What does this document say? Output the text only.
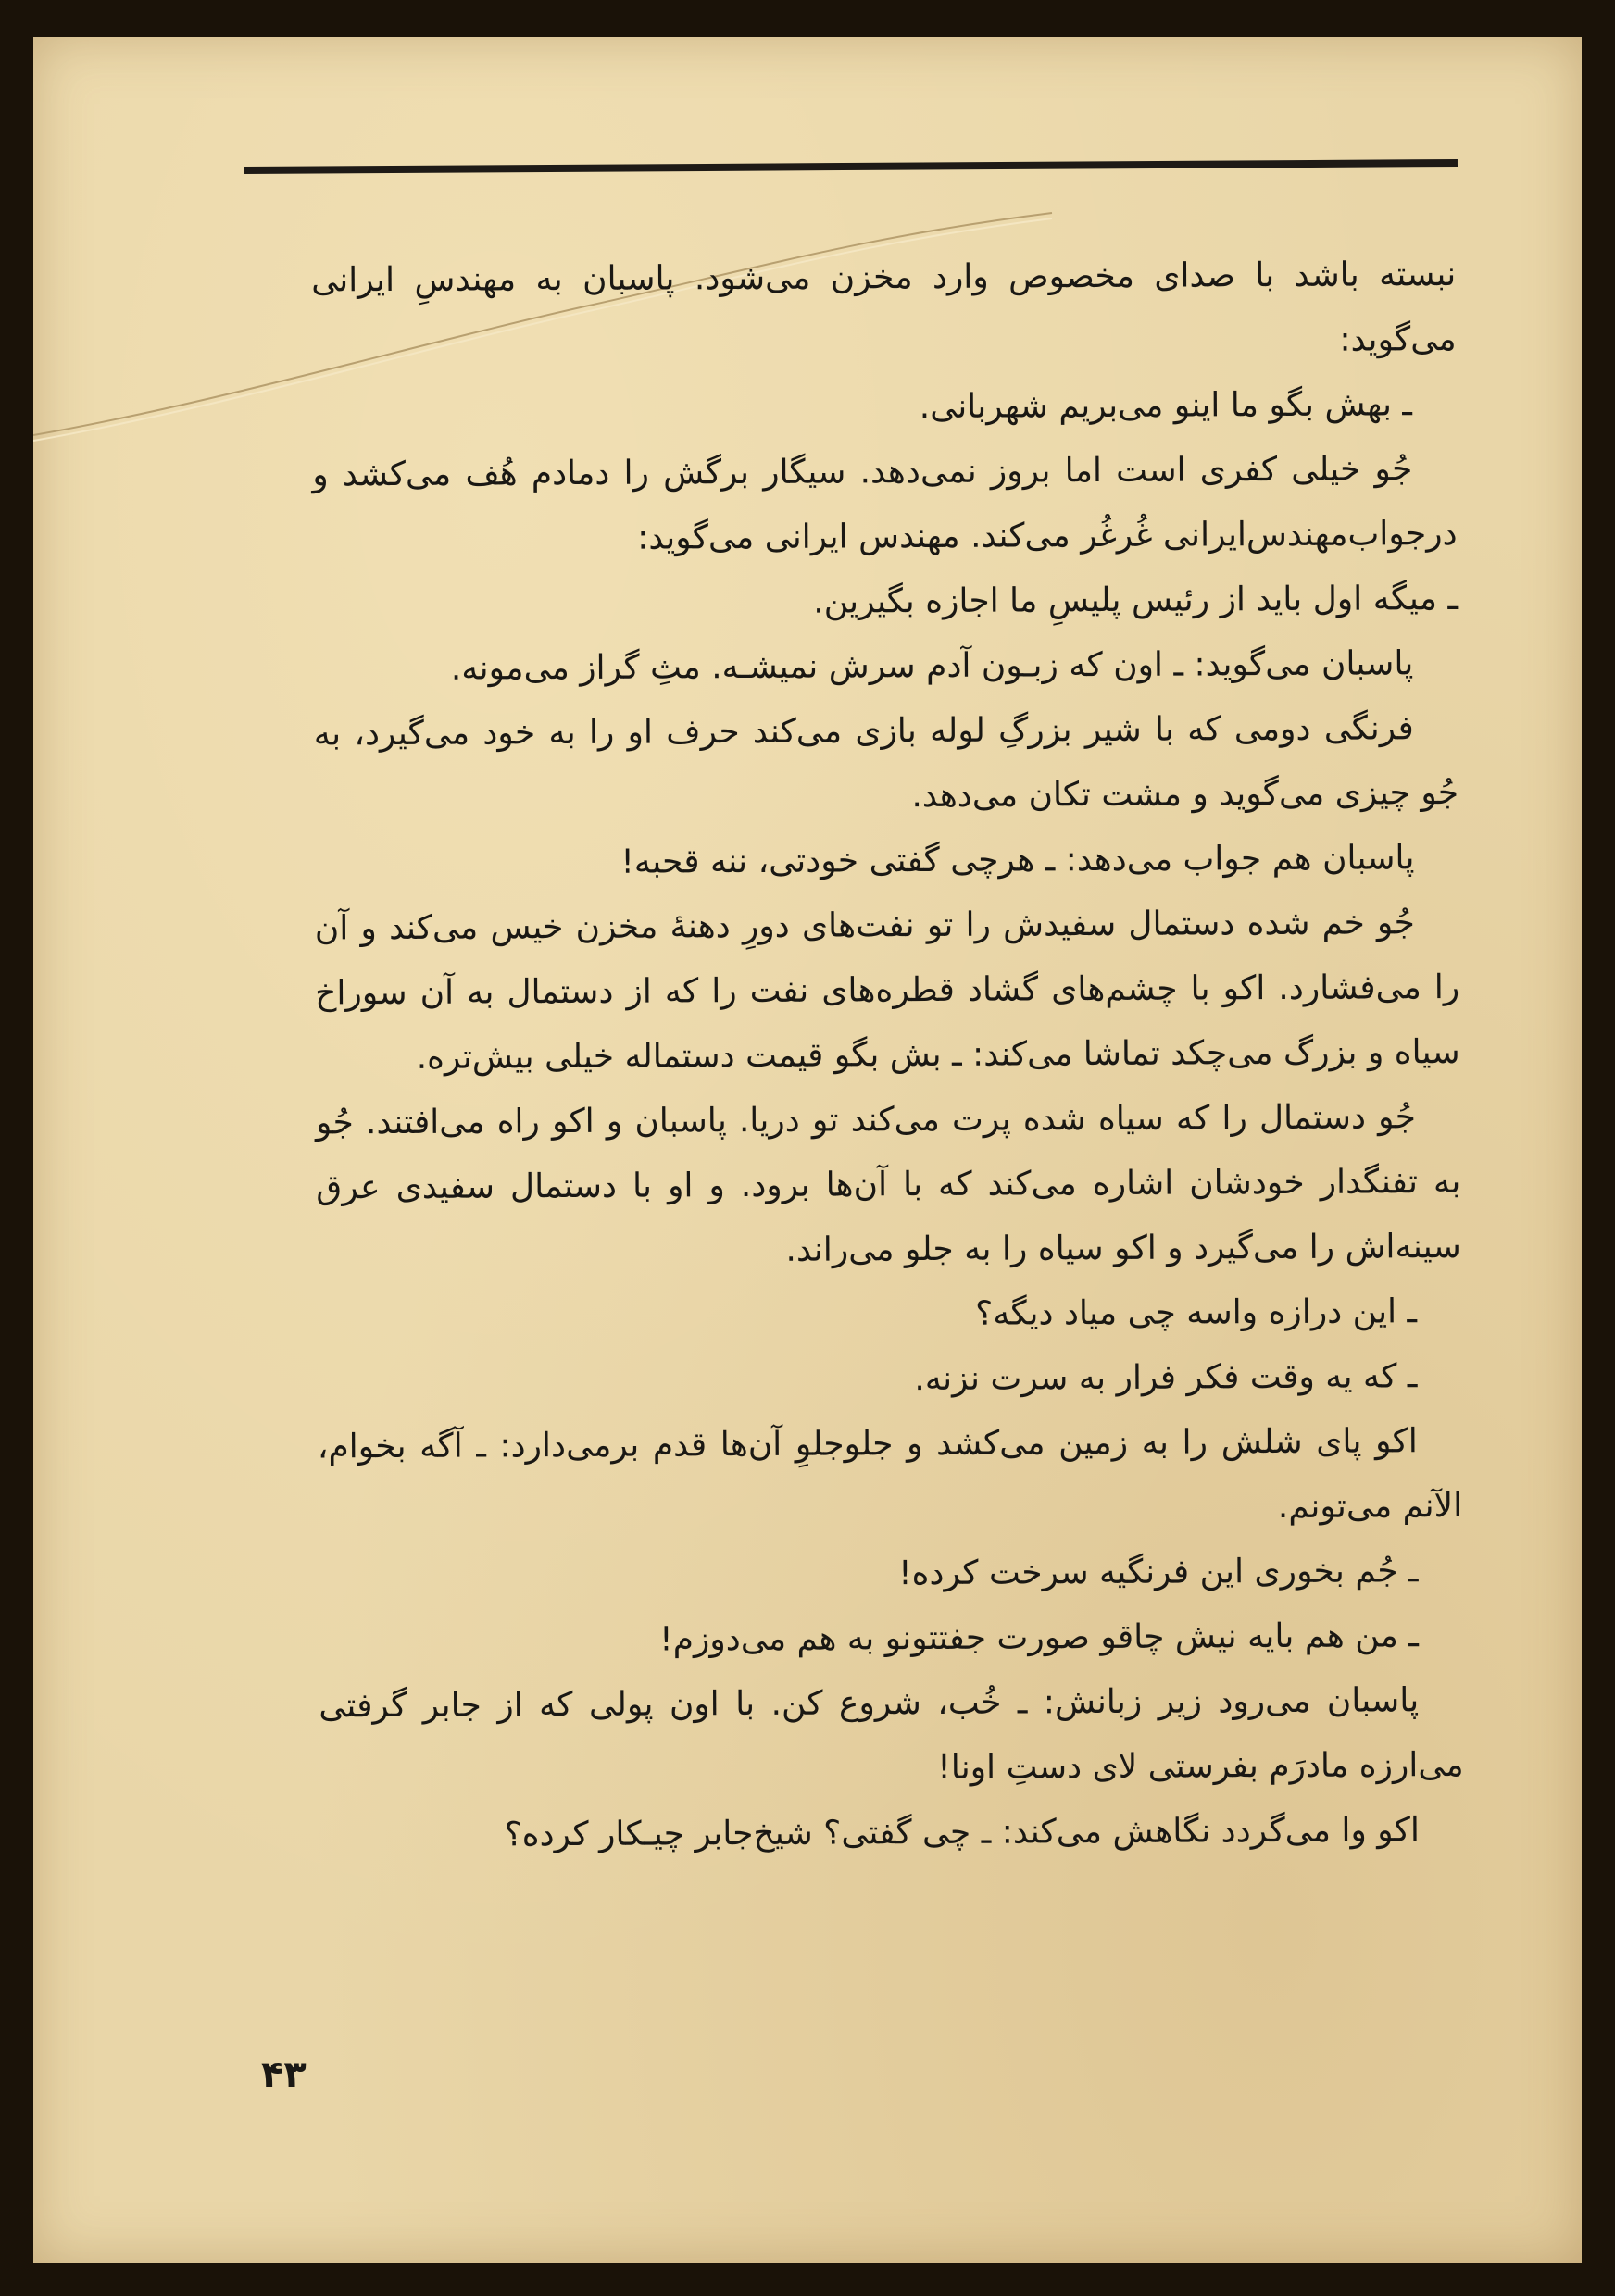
نبسته باشد با صدای مخصوص وارد مخزن می‌شود. پاسبان به مهندسِ ایرانی می‌گوید:

ـ بهش بگو ما اینو می‌بریم شهربانی.

جُو خیلی کفری است اما بروز نمی‌دهد. سیگار برگش را دمادم هُف می‌کشد و درجواب‌مهندس‌ایرانی غُرغُر می‌کند. مهندس ایرانی می‌گوید:

ـ میگه اول باید از رئیس پلیسِ ما اجازه بگیرین.

پاسبان می‌گوید: ـ اون که زبـون آدم سرش نمیشـه. مثِ گراز می‌مونه.

فرنگی دومی که با شیر بزرگِ لوله بازی می‌کند حرف او را به خود می‌گیرد، به جُو چیزی می‌گوید و مشت تکان می‌دهد.

پاسبان هم جواب می‌دهد: ـ هرچی گفتی خودتی، ننه قحبه!

جُو خم شده دستمال سفیدش را تو نفت‌های دورِ دهنهٔ مخزن خیس می‌کند و آن را می‌فشارد. اکو با چشم‌های گشاد قطره‌های نفت را که از دستمال به آن سوراخ سیاه و بزرگ می‌چکد تماشا می‌کند: ـ بش بگو قیمت دستماله خیلی بیش‌تره.

جُو دستمال را که سیاه شده پرت می‌کند تو دریا. پاسبان و اکو راه می‌افتند. جُو به تفنگدار خودشان اشاره می‌کند که با آن‌ها برود. و او با دستمال سفیدی عرق سینه‌اش را می‌گیرد و اکو سیاه را به جلو می‌راند.

ـ این درازه واسه چی میاد دیگه؟

ـ که یه وقت فکر فرار به سرت نزنه.

اکو پای شلش را به زمین می‌کشد و جلوجلوِ آن‌ها قدم برمی‌دارد: ـ آگه بخوام، الآنم می‌تونم.

ـ جُم بخوری این فرنگیه سرخت کرده!

ـ من هم بایه نیش چاقو صورت جفتتونو به هم می‌دوزم!

پاسبان می‌رود زیر زبانش: ـ خُب، شروع کن. با اون پولی که از جابر گرفتی می‌ارزه مادرَم بفرستی لای دستِ اونا!

اکو وا می‌گردد نگاهش می‌کند: ـ چی گفتی؟ شیخ‌جابر چیـکار کرده؟

۴۳
